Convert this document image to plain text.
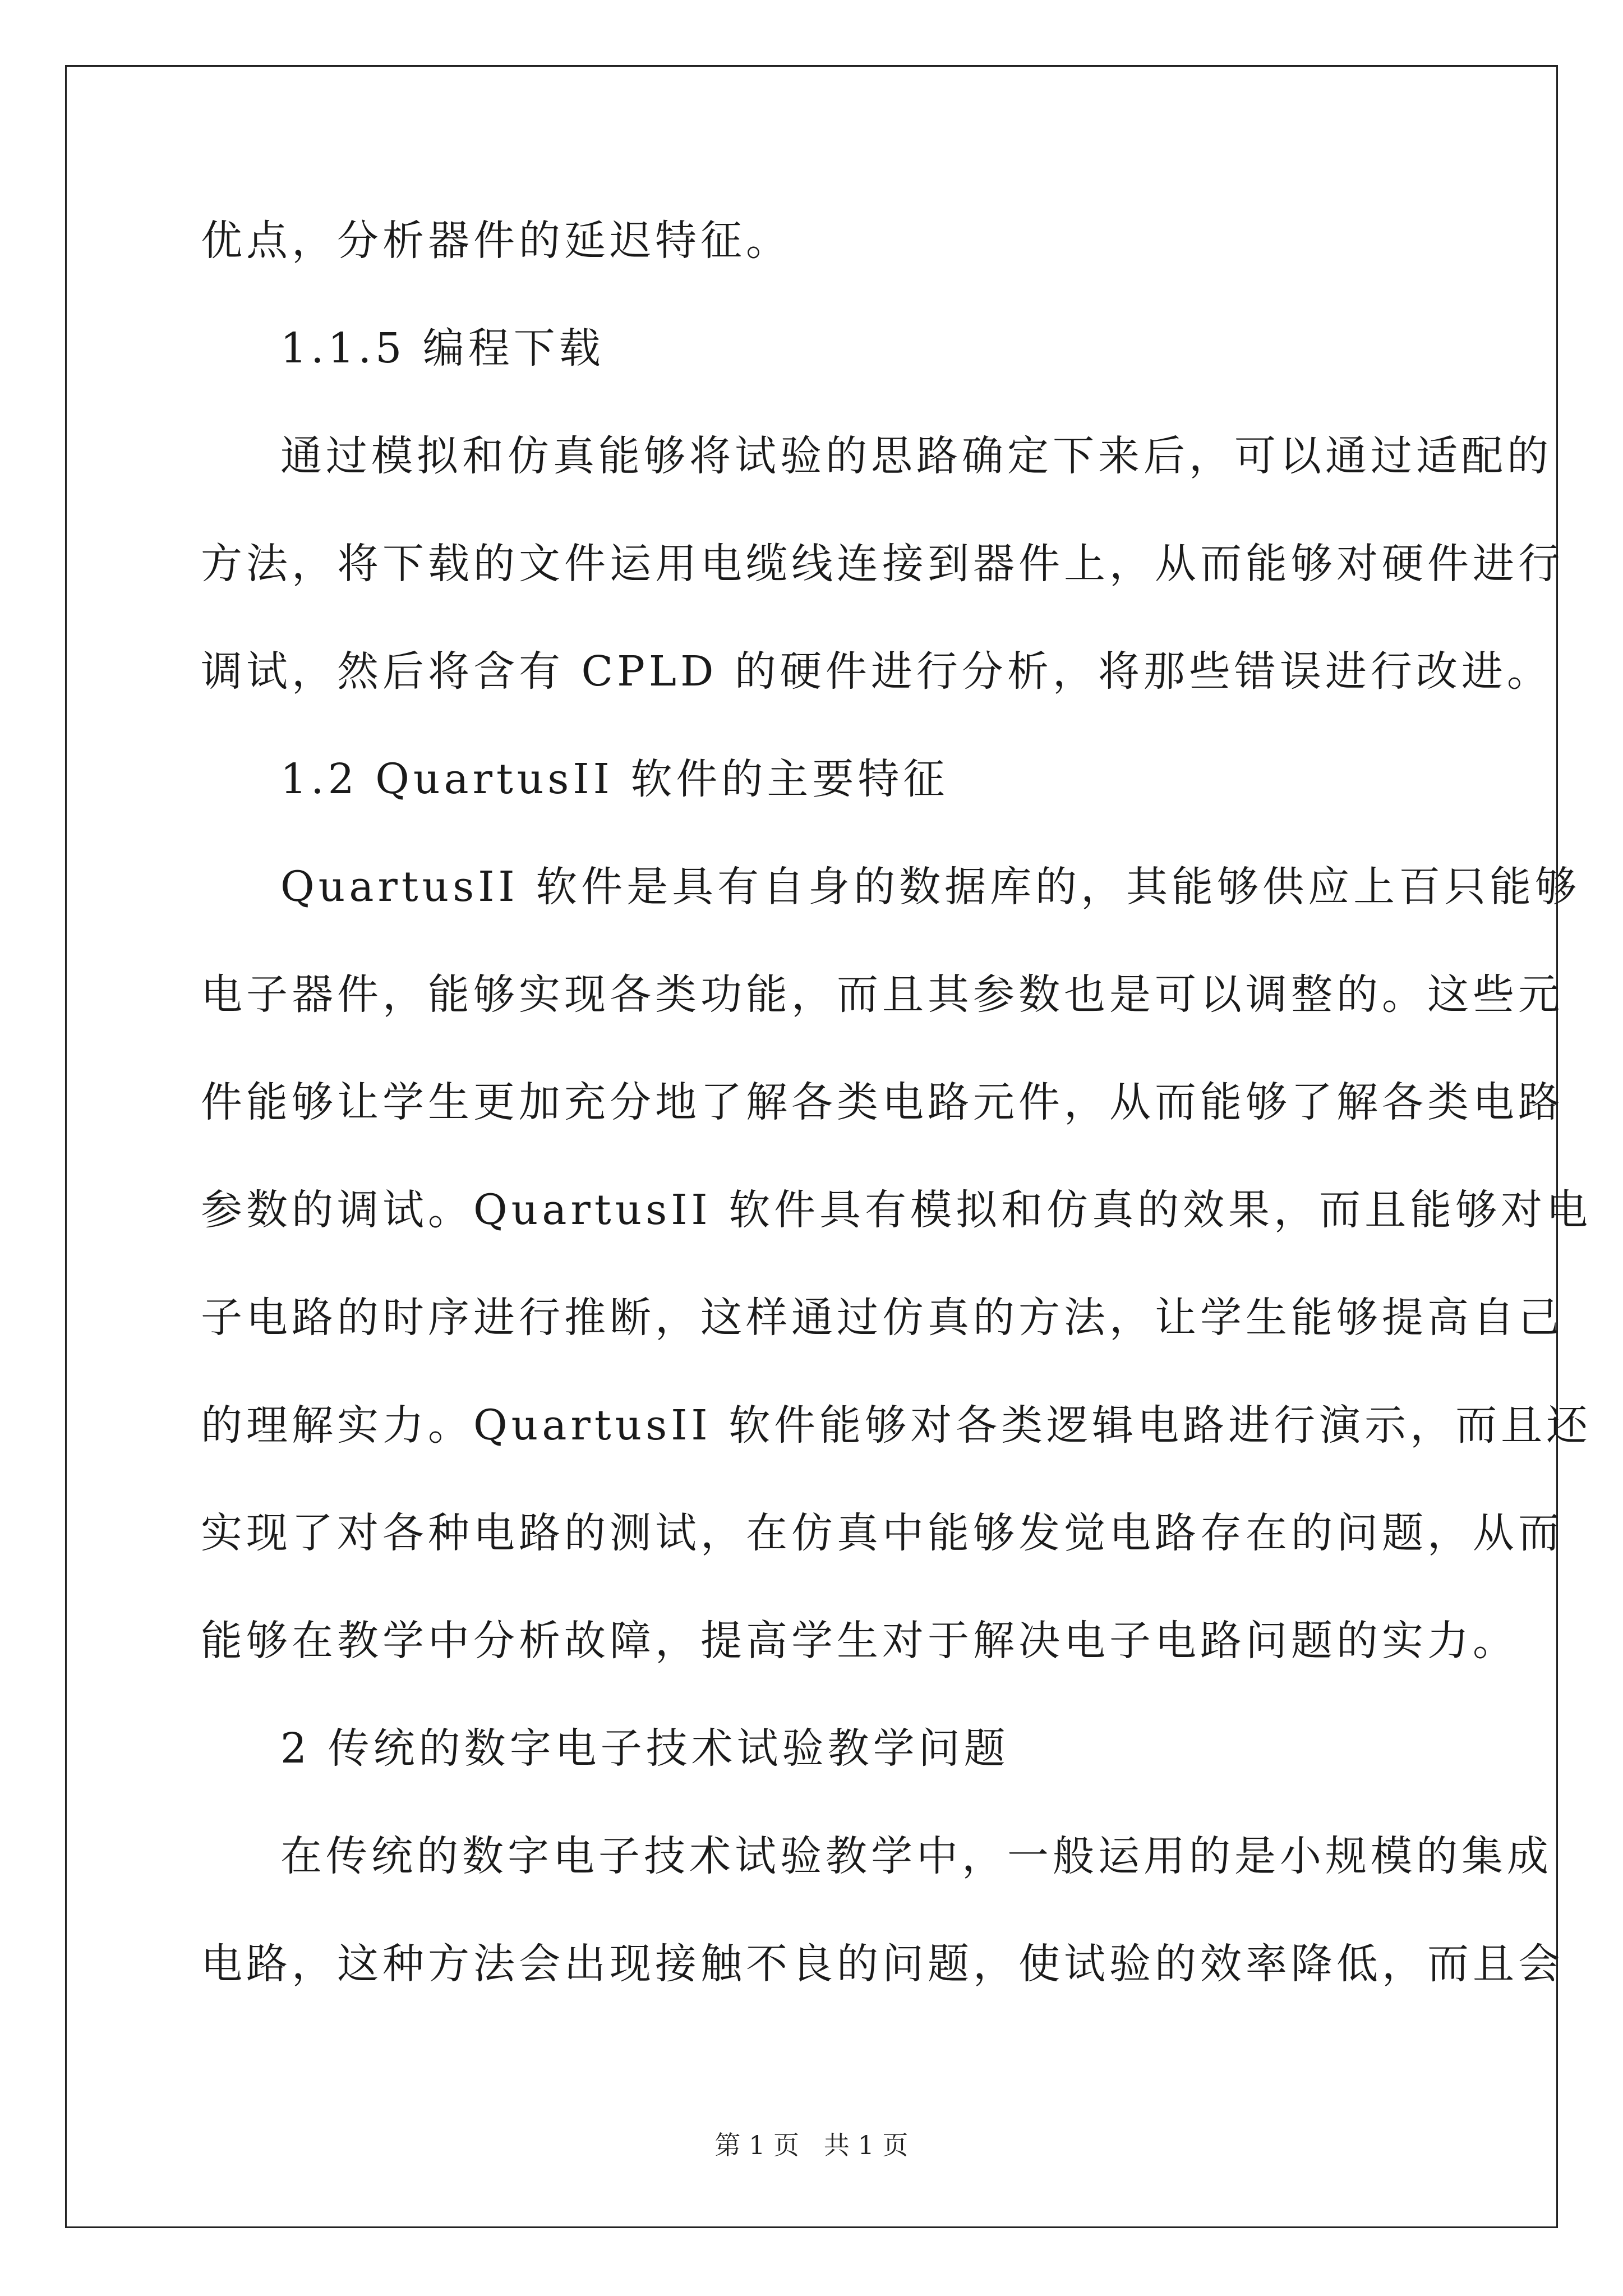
优点，分析器件的延迟特征。
1.1.5 编程下载
通过模拟和仿真能够将试验的思路确定下来后，可以通过适配的
方法，将下载的文件运用电缆线连接到器件上，从而能够对硬件进行
调试，然后将含有 CPLD 的硬件进行分析，将那些错误进行改进。
1.2 QuartusII 软件的主要特征
QuartusII 软件是具有自身的数据库的，其能够供应上百只能够
电子器件，能够实现各类功能，而且其参数也是可以调整的。这些元
件能够让学生更加充分地了解各类电路元件，从而能够了解各类电路
参数的调试。QuartusII 软件具有模拟和仿真的效果，而且能够对电
子电路的时序进行推断，这样通过仿真的方法，让学生能够提高自己
的理解实力。QuartusII 软件能够对各类逻辑电路进行演示，而且还
实现了对各种电路的测试，在仿真中能够发觉电路存在的问题，从而
能够在教学中分析故障，提高学生对于解决电子电路问题的实力。
2 传统的数字电子技术试验教学问题
在传统的数字电子技术试验教学中，一般运用的是小规模的集成
电路，这种方法会出现接触不良的问题，使试验的效率降低，而且会
第 1 页   共 1 页
